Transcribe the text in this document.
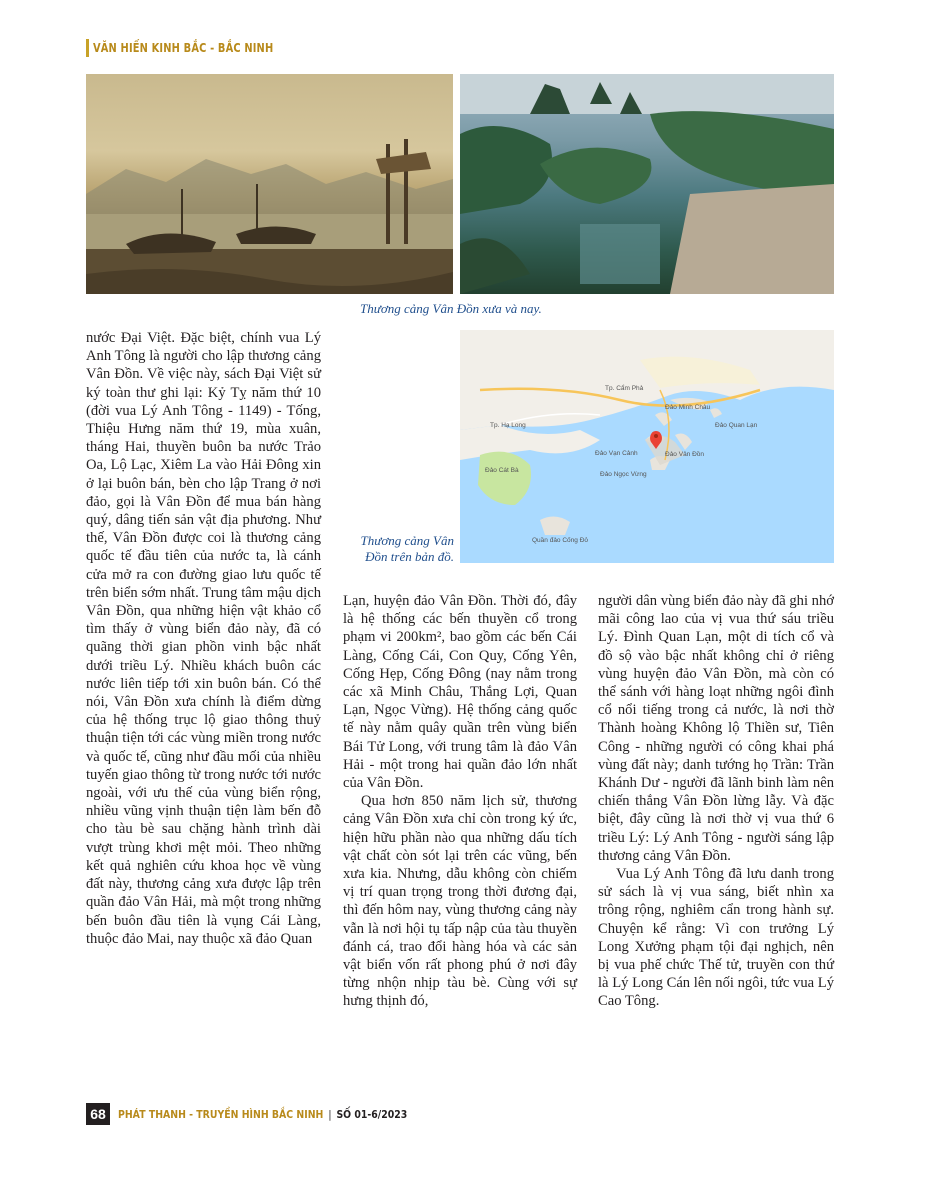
VĂN HIẾN KINH BẮC - BẮC NINH
Thương cảng Vân Đồn xưa và nay.
Tp. Cẩm Phả
Tp. Hạ Long
Đảo Minh Châu
Đảo Quan Lạn
Đảo Vân Đồn
Đảo Vạn Cảnh
Đảo Ngọc Vừng
Đảo Cát Bà
Quần đảo Cống Đỏ
Thương cảng Vân Đồn trên bản đồ.

nước Đại Việt. Đặc biệt, chính vua Lý Anh Tông là người cho lập thương cảng Vân Đồn. Về việc này, sách Đại Việt sử ký toàn thư ghi lại: Kỷ Tỵ năm thứ 10 (đời vua Lý Anh Tông - 1149) - Tống, Thiệu Hưng năm thứ 19, mùa xuân, tháng Hai, thuyền buôn ba nước Trảo Oa, Lộ Lạc, Xiêm La vào Hải Đông xin ở lại buôn bán, bèn cho lập Trang ở nơi đảo, gọi là Vân Đồn để mua bán hàng quý, dâng tiến sản vật địa phương. Như thế, Vân Đồn được coi là thương cảng quốc tế đầu tiên của nước ta, là cánh cửa mở ra con đường giao lưu quốc tế trên biển sớm nhất. Trung tâm mậu dịch Vân Đồn, qua những hiện vật khảo cổ tìm thấy ở vùng biển đảo này, đã có quãng thời gian phồn vinh bậc nhất dưới triều Lý. Nhiều khách buôn các nước liên tiếp tới xin buôn bán. Có thể nói, Vân Đồn xưa chính là điểm dừng của hệ thống trục lộ giao thông thuỷ thuận tiện tới các vùng miền trong nước và quốc tế, cũng như đầu mối của nhiều tuyến giao thông từ trong nước tới nước ngoài, với ưu thế của vùng biển rộng, nhiều vũng vịnh thuận tiện làm bến đỗ cho tàu bè sau chặng hành trình dài vượt trùng khơi mệt mỏi. Theo những kết quả nghiên cứu khoa học về vùng đất này, thương cảng xưa được lập trên quần đảo Vân Hải, mà một trong những bến buôn đầu tiên là vụng Cái Làng, thuộc đảo Mai, nay thuộc xã đảo Quan

Lạn, huyện đảo Vân Đồn. Thời đó, đây là hệ thống các bến thuyền cổ trong phạm vi 200km², bao gồm các bến Cái Làng, Cống Cái, Con Quy, Cống Yên, Cống Hẹp, Cống Đông (nay nằm trong các xã Minh Châu, Thắng Lợi, Quan Lạn, Ngọc Vừng). Hệ thống cảng quốc tế này nằm quây quần trên vùng biển Bái Tử Long, với trung tâm là đảo Vân Hải - một trong hai quần đảo lớn nhất của Vân Đồn.

Qua hơn 850 năm lịch sử, thương cảng Vân Đồn xưa chỉ còn trong ký ức, hiện hữu phần nào qua những dấu tích vật chất còn sót lại trên các vũng, bến xưa kia. Nhưng, dẫu không còn chiếm vị trí quan trọng trong thời đương đại, thì đến hôm nay, vùng thương cảng này vẫn là nơi hội tụ tấp nập của tàu thuyền đánh cá, trao đổi hàng hóa và các sản vật biển vốn rất phong phú ở nơi đây từng nhộn nhịp tàu bè. Cùng với sự hưng thịnh đó,

người dân vùng biển đảo này đã ghi nhớ mãi công lao của vị vua thứ sáu triều Lý. Đình Quan Lạn, một di tích cổ và đồ sộ vào bậc nhất không chỉ ở riêng vùng huyện đảo Vân Đồn, mà còn có thể sánh với hàng loạt những ngôi đình cổ nổi tiếng trong cả nước, là nơi thờ Thành hoàng Không lộ Thiền sư, Tiên Công - những người có công khai phá vùng đất này; danh tướng họ Trần: Trần Khánh Dư - người đã lãnh binh làm nên chiến thắng Vân Đồn lừng lẫy. Và đặc biệt, đây cũng là nơi thờ vị vua thứ 6 triều Lý: Lý Anh Tông - người sáng lập thương cảng Vân Đồn.

Vua Lý Anh Tông đã lưu danh trong sử sách là vị vua sáng, biết nhìn xa trông rộng, nghiêm cẩn trong hành sự. Chuyện kể rằng: Vì con trưởng Lý Long Xưởng phạm tội đại nghịch, nên bị vua phế chức Thế tử, truyền con thứ là Lý Long Cán lên nối ngôi, tức vua Lý Cao Tông.

68	PHÁT THANH - TRUYỀN HÌNH BẮC NINH | SỐ 01-6/2023
